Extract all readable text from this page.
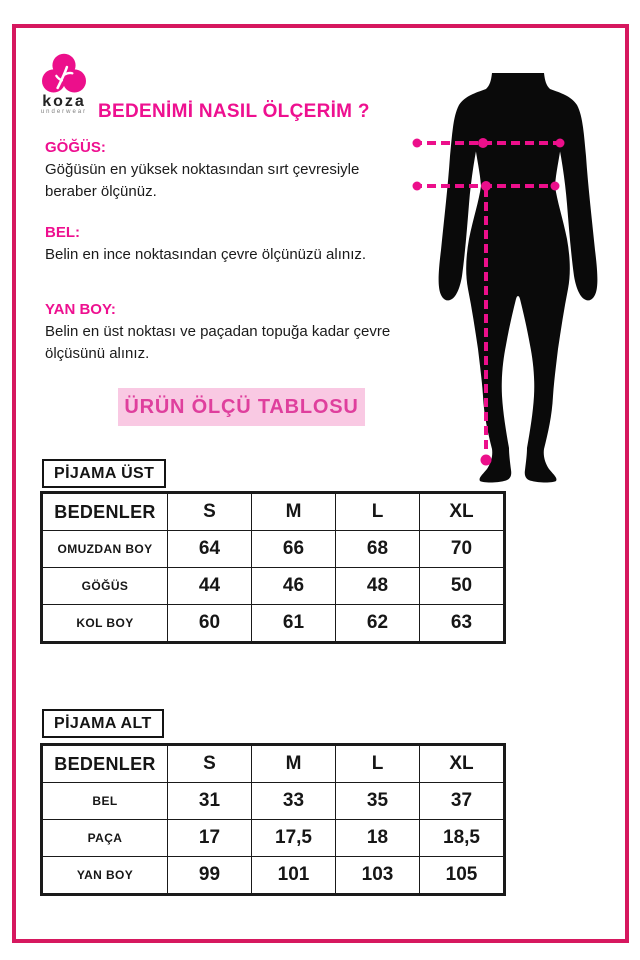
koza
underwear BEDENİMİ NASIL ÖLÇERİM ?
GÖĞÜS:
Göğüsün en yüksek noktasından sırt çevresiyle beraber ölçünüz.
BEL:
Belin en ince noktasından çevre ölçünüzü alınız.
YAN BOY:
Belin en üst noktası ve paçadan topuğa kadar çevre ölçüsünü alınız.
ÜRÜN ÖLÇÜ TABLOSU
PİJAMA ÜST
BEDENLER	S	M	L	XL
OMUZDAN BOY	64	66	68	70
GÖĞÜS	44	46	48	50
KOL BOY	60	61	62	63
PİJAMA ALT
BEDENLER	S	M	L	XL
BEL	31	33	35	37
PAÇA	17	17,5	18	18,5
YAN BOY	99	101	103	105
